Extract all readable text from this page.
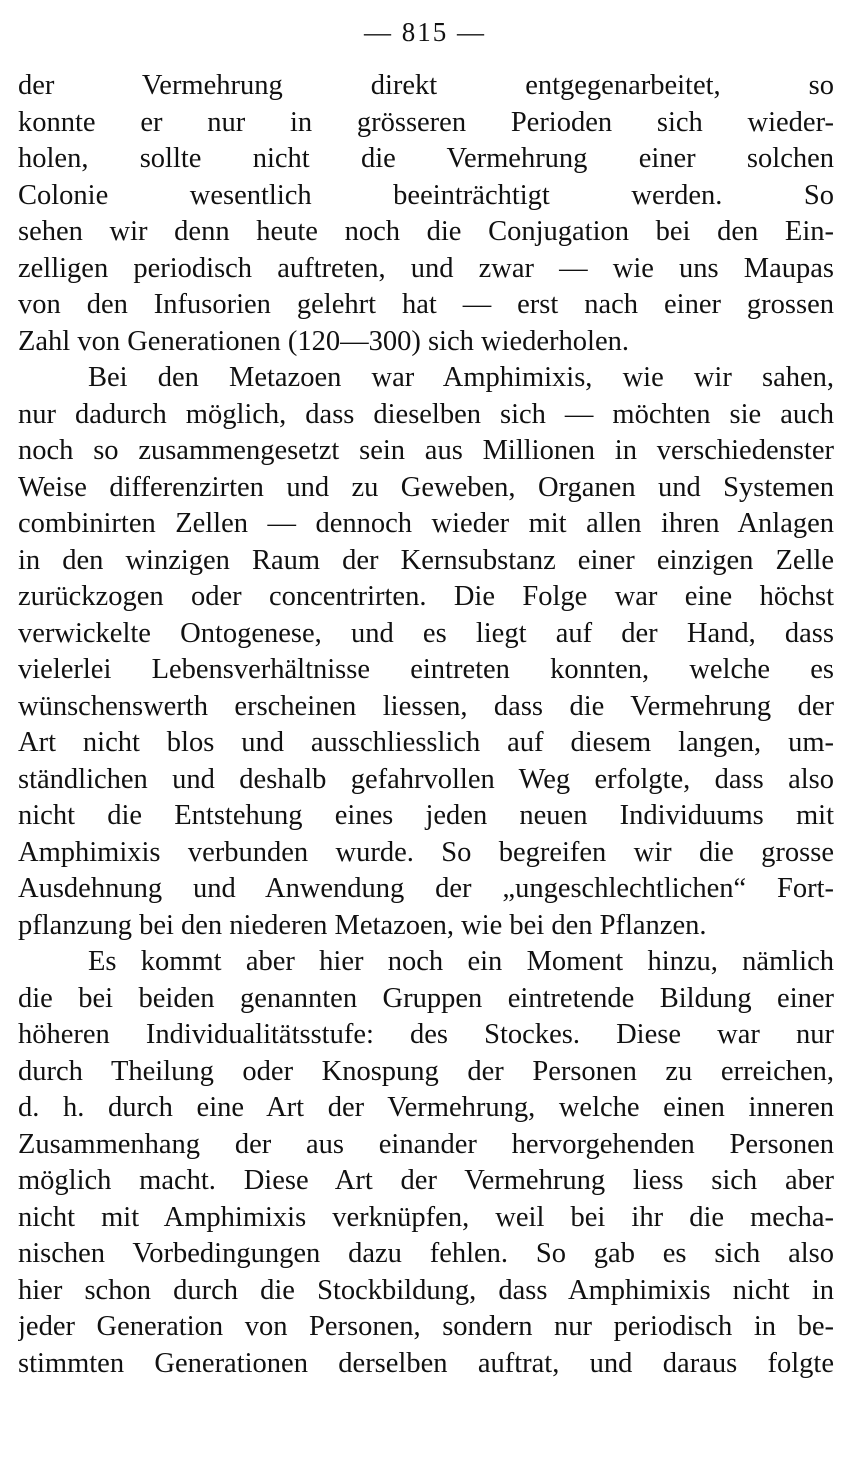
— 815 —
der Vermehrung direkt entgegenarbeitet, so
konnte er nur in grösseren Perioden sich wieder-
holen, sollte nicht die Vermehrung einer solchen
Colonie wesentlich beeinträchtigt werden. So
sehen wir denn heute noch die Conjugation bei den Ein-
zelligen periodisch auftreten, und zwar — wie uns Maupas
von den Infusorien gelehrt hat — erst nach einer grossen
Zahl von Generationen (120—300) sich wiederholen.
Bei den Metazoen war Amphimixis, wie wir sahen,
nur dadurch möglich, dass dieselben sich — möchten sie auch
noch so zusammengesetzt sein aus Millionen in verschiedenster
Weise differenzirten und zu Geweben, Organen und Systemen
combinirten Zellen — dennoch wieder mit allen ihren Anlagen
in den winzigen Raum der Kernsubstanz einer einzigen Zelle
zurückzogen oder concentrirten. Die Folge war eine höchst
verwickelte Ontogenese, und es liegt auf der Hand, dass
vielerlei Lebensverhältnisse eintreten konnten, welche es
wünschenswerth erscheinen liessen, dass die Vermehrung der
Art nicht blos und ausschliesslich auf diesem langen, um-
ständlichen und deshalb gefahrvollen Weg erfolgte, dass also
nicht die Entstehung eines jeden neuen Individuums mit
Amphimixis verbunden wurde. So begreifen wir die grosse
Ausdehnung und Anwendung der „ungeschlechtlichen“ Fort-
pflanzung bei den niederen Metazoen, wie bei den Pflanzen.
Es kommt aber hier noch ein Moment hinzu, nämlich
die bei beiden genannten Gruppen eintretende Bildung einer
höheren Individualitätsstufe: des Stockes. Diese war nur
durch Theilung oder Knospung der Personen zu erreichen,
d. h. durch eine Art der Vermehrung, welche einen inneren
Zusammenhang der aus einander hervorgehenden Personen
möglich macht. Diese Art der Vermehrung liess sich aber
nicht mit Amphimixis verknüpfen, weil bei ihr die mecha-
nischen Vorbedingungen dazu fehlen. So gab es sich also
hier schon durch die Stockbildung, dass Amphimixis nicht in
jeder Generation von Personen, sondern nur periodisch in be-
stimmten Generationen derselben auftrat, und daraus folgte
